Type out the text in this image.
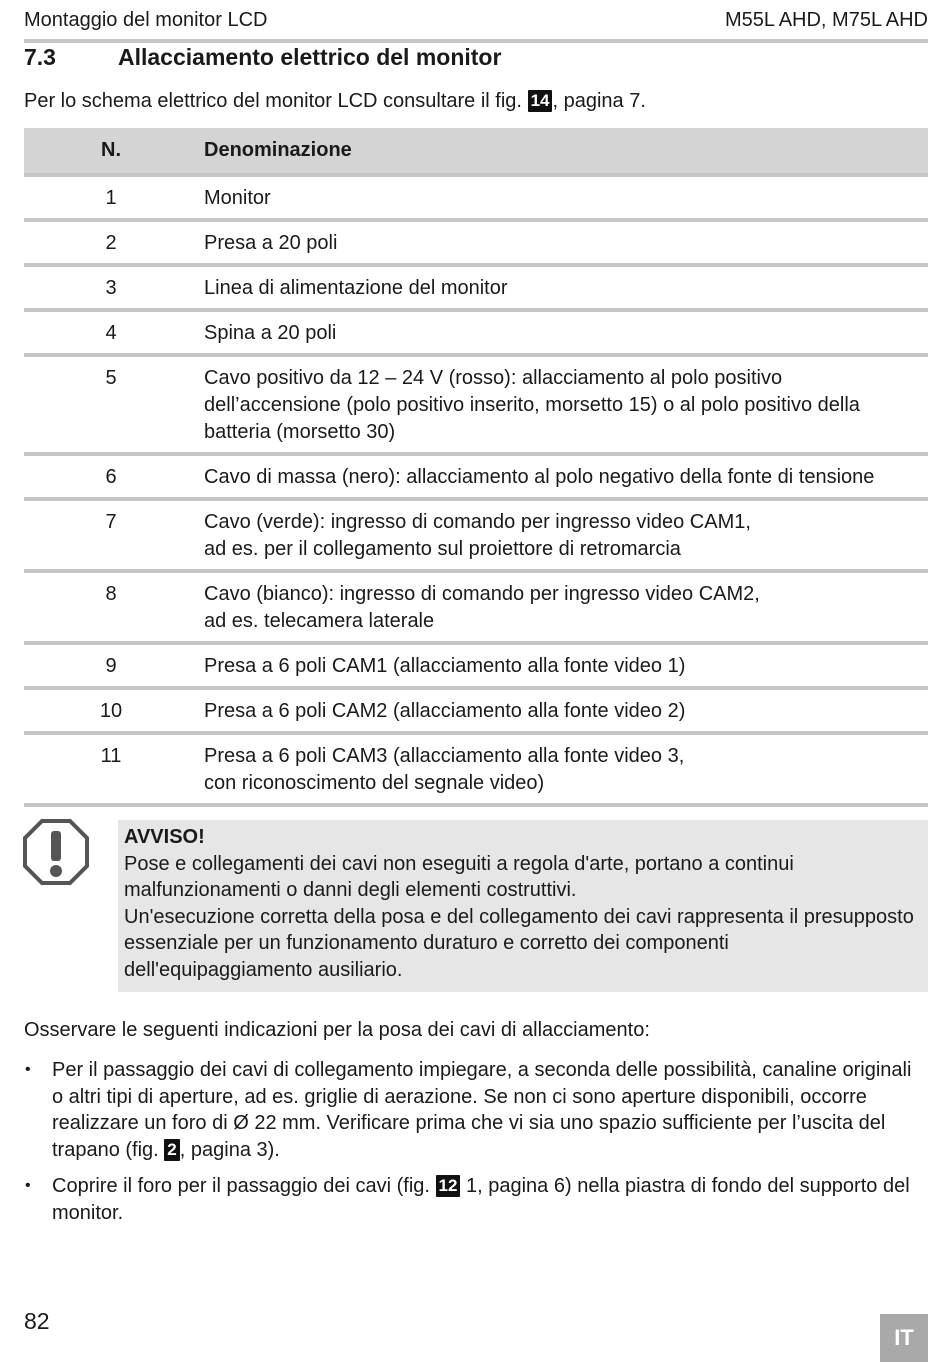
Montaggio del monitor LCD	M55L AHD, M75L AHD
7.3	Allacciamento elettrico del monitor
Per lo schema elettrico del monitor LCD consultare il fig. 14 , pagina 7.
N.	Denominazione
1	Monitor
2	Presa a 20 poli
3	Linea di alimentazione del monitor
4	Spina a 20 poli
5	Cavo positivo da 12 – 24 V (rosso): allacciamento al polo positivo dell’accensione (polo positivo inserito, morsetto 15) o al polo positivo della batteria (morsetto 30)
6	Cavo di massa (nero): allacciamento al polo negativo della fonte di tensione
7	Cavo (verde): ingresso di comando per ingresso video CAM1,
ad es. per il collegamento sul proiettore di retromarcia
8	Cavo (bianco): ingresso di comando per ingresso video CAM2,
ad es. telecamera laterale
9	Presa a 6 poli CAM1 (allacciamento alla fonte video 1)
10	Presa a 6 poli CAM2 (allacciamento alla fonte video 2)
11	Presa a 6 poli CAM3 (allacciamento alla fonte video 3,
con riconoscimento del segnale video)
AVVISO!

Pose e collegamenti dei cavi non eseguiti a regola d'arte, portano a continui malfunzionamenti o danni degli elementi costruttivi.

Un'esecuzione corretta della posa e del collegamento dei cavi rappresenta il presupposto essenziale per un funzionamento duraturo e corretto dei componenti dell'equipaggiamento ausiliario.

Osservare le seguenti indicazioni per la posa dei cavi di allacciamento:
• Per il passaggio dei cavi di collegamento impiegare, a seconda delle possibilità, canaline originali o altri tipi di aperture, ad es. griglie di aerazione. Se non ci sono aperture disponibili, occorre realizzare un foro di Ø 22 mm. Verificare prima che vi sia uno spazio sufficiente per l’uscita del trapano (fig. 2 , pagina 3).
• Coprire il foro per il passaggio dei cavi (fig. 12 1, pagina 6) nella piastra di fondo del supporto del monitor.
82
IT
